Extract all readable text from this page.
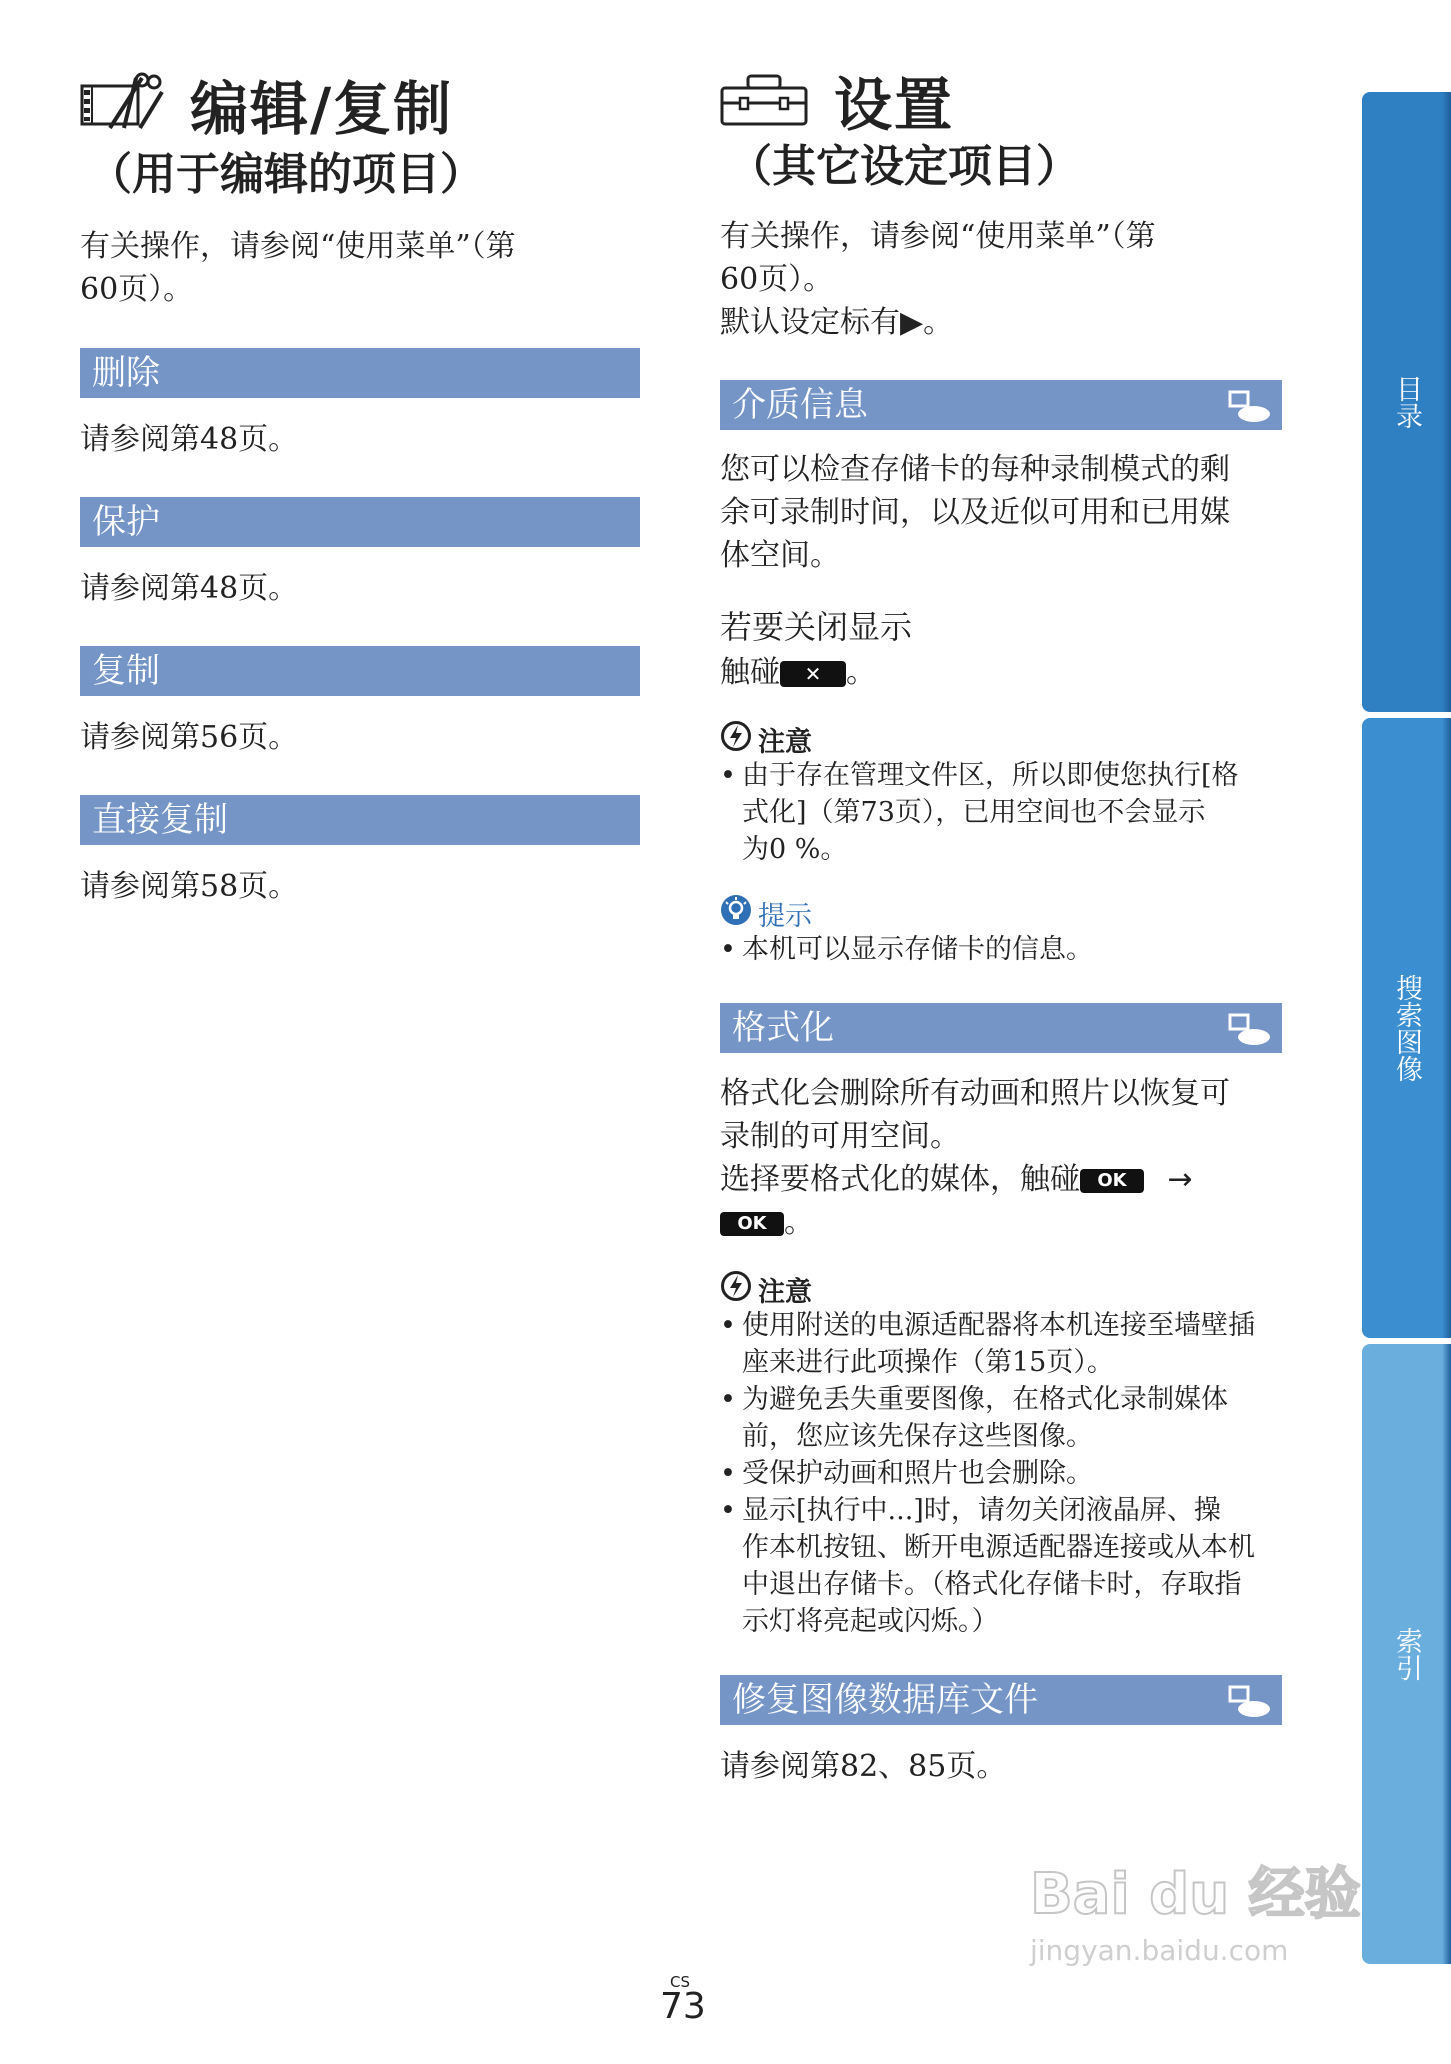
编辑/复制
（用于编辑的项目）
有关操作，请参阅“使用菜单”（第
60页）。
删除
请参阅第48页。
保护
请参阅第48页。
复制
请参阅第56页。
直接复制
请参阅第58页。
设置
（其它设定项目）
有关操作，请参阅“使用菜单”（第
60页）。
默认设定标有▶。
介质信息
您可以检查存储卡的每种录制模式的剩
余可录制时间，以及近似可用和已用媒
体空间。
若要关闭显示
触碰 ✕ 。
注意
• 由于存在管理文件区，所以即使您执行[格
式化]（第73页），已用空间也不会显示
为0 %。
提示
• 本机可以显示存储卡的信息。
格式化
格式化会删除所有动画和照片以恢复可
录制的可用空间。
选择要格式化的媒体，触碰 OK →
OK 。
注意
• 使用附送的电源适配器将本机连接至墙壁插
座来进行此项操作（第15页）。
• 为避免丢失重要图像，在格式化录制媒体
前，您应该先保存这些图像。
• 受保护动画和照片也会删除。
• 显示[执行中...]时，请勿关闭液晶屏、操
作本机按钮、断开电源适配器连接或从本机
中退出存储卡。（格式化存储卡时，存取指
示灯将亮起或闪烁。）
修复图像数据库文件
请参阅第82、85页。
目录
搜索图像
索引
CS
73
Bai du 经验
jingyan.baidu.com
